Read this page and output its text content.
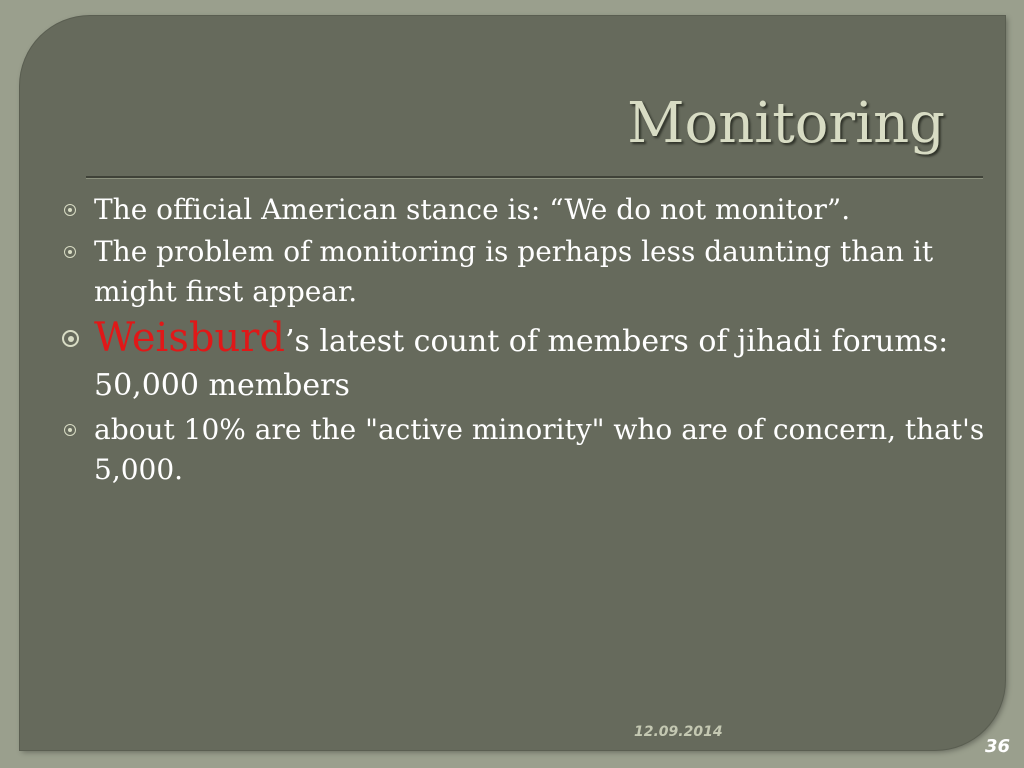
Monitoring
The official American stance is: “We do not monitor”.
The problem of monitoring is perhaps less daunting than it might first appear.
Weisburd’s latest count of members of jihadi forums: 50,000 members
about 10% are the "active minority" who are of concern, that's 5,000.
12.09.2014
36
